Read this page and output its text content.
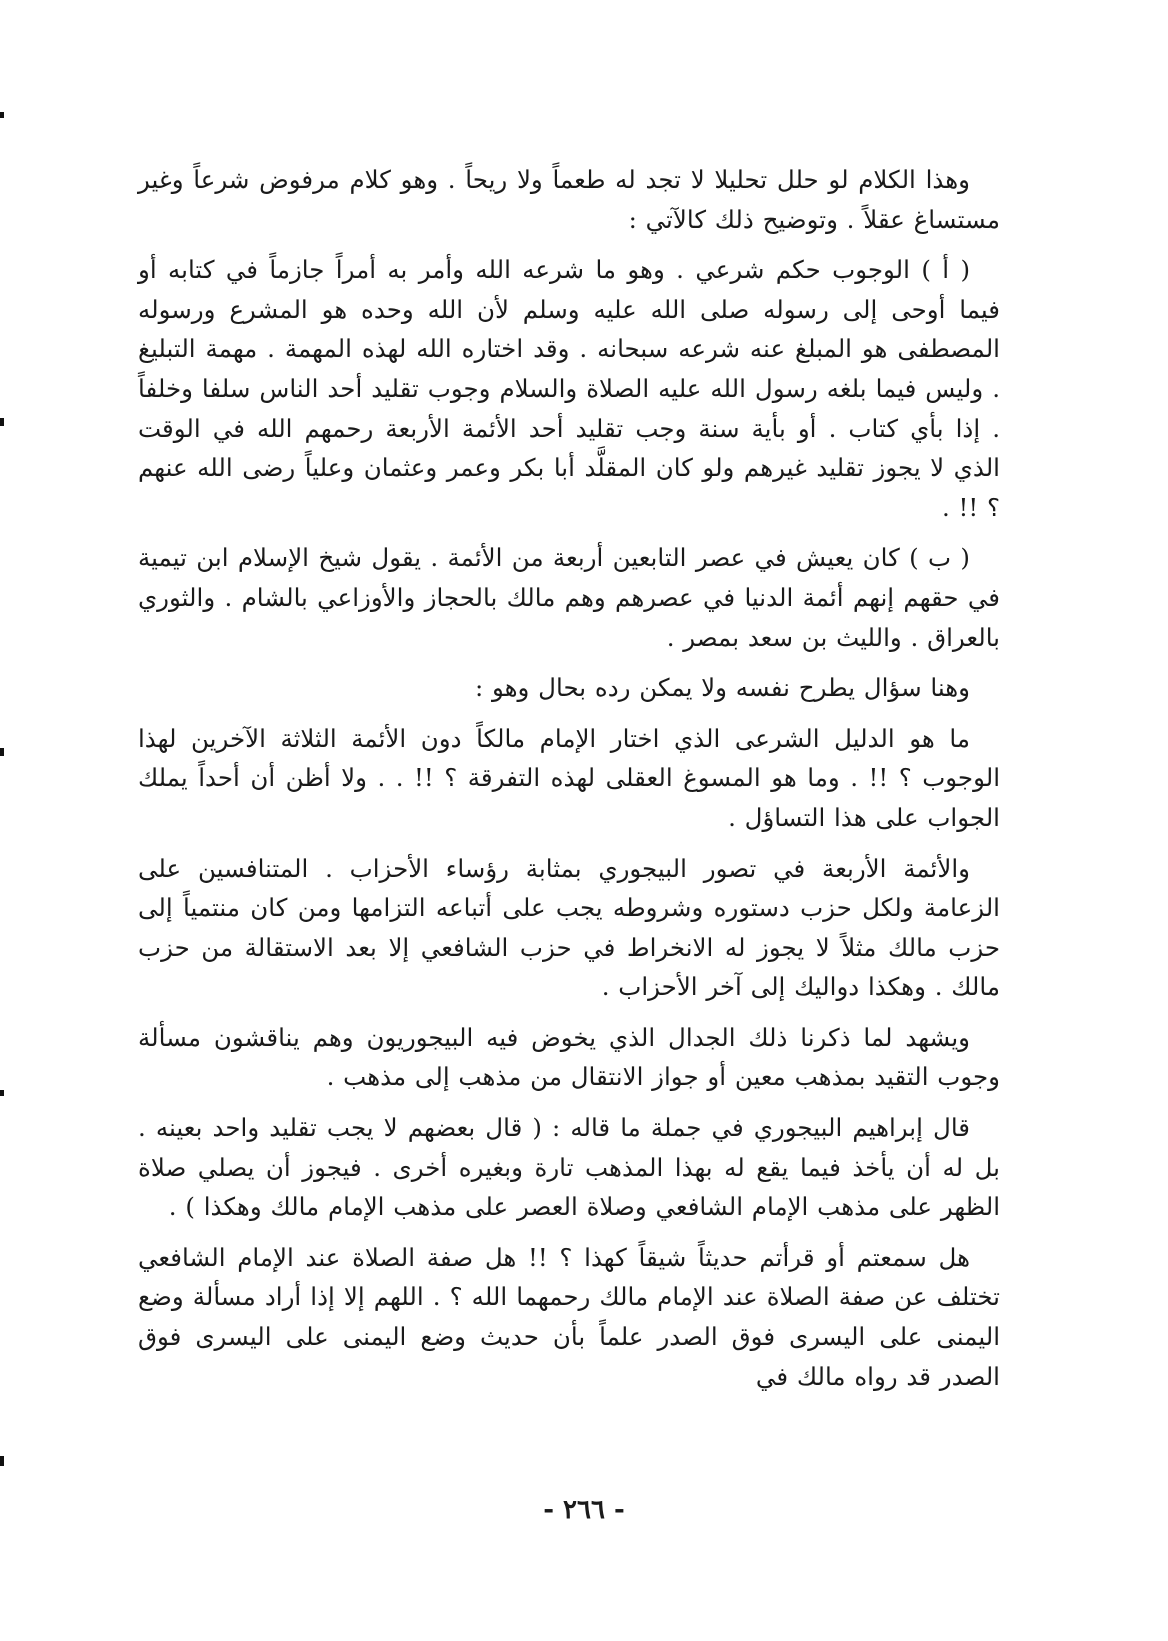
وهذا الكلام لو حلل تحليلا لا تجد له طعماً ولا ريحاً . وهو كلام مرفوض شرعاً وغير مستساغ عقلاً . وتوضيح ذلك كالآتي :

( أ ) الوجوب حكم شرعي . وهو ما شرعه الله وأمر به أمراً جازماً في كتابه أو فيما أوحى إلى رسوله صلى الله عليه وسلم لأن الله وحده هو المشرع ورسوله المصطفى هو المبلغ عنه شرعه سبحانه . وقد اختاره الله لهذه المهمة . مهمة التبليغ . وليس فيما بلغه رسول الله عليه الصلاة والسلام وجوب تقليد أحد الناس سلفا وخلفاً . إذا بأي كتاب . أو بأية سنة وجب تقليد أحد الأئمة الأربعة رحمهم الله في الوقت الذي لا يجوز تقليد غيرهم ولو كان المقلَّد أبا بكر وعمر وعثمان وعلياً رضى الله عنهم ؟ !! .

( ب ) كان يعيش في عصر التابعين أربعة من الأئمة . يقول شيخ الإسلام ابن تيمية في حقهم إنهم أئمة الدنيا في عصرهم وهم مالك بالحجاز والأوزاعي بالشام . والثوري بالعراق . والليث بن سعد بمصر .

وهنا سؤال يطرح نفسه ولا يمكن رده بحال وهو :

ما هو الدليل الشرعى الذي اختار الإمام مالكاً دون الأئمة الثلاثة الآخرين لهذا الوجوب ؟ !! . وما هو المسوغ العقلى لهذه التفرقة ؟ !! . . ولا أظن أن أحداً يملك الجواب على هذا التساؤل .

والأئمة الأربعة في تصور البيجوري بمثابة رؤساء الأحزاب . المتنافسين على الزعامة ولكل حزب دستوره وشروطه يجب على أتباعه التزامها ومن كان منتمياً إلى حزب مالك مثلاً لا يجوز له الانخراط في حزب الشافعي إلا بعد الاستقالة من حزب مالك . وهكذا دواليك إلى آخر الأحزاب .

ويشهد لما ذكرنا ذلك الجدال الذي يخوض فيه البيجوريون وهم يناقشون مسألة وجوب التقيد بمذهب معين أو جواز الانتقال من مذهب إلى مذهب .

قال إبراهيم البيجوري في جملة ما قاله : ( قال بعضهم لا يجب تقليد واحد بعينه . بل له أن يأخذ فيما يقع له بهذا المذهب تارة وبغيره أخرى . فيجوز أن يصلي صلاة الظهر على مذهب الإمام الشافعي وصلاة العصر على مذهب الإمام مالك وهكذا ) .

هل سمعتم أو قرأتم حديثاً شيقاً كهذا ؟ !! هل صفة الصلاة عند الإمام الشافعي تختلف عن صفة الصلاة عند الإمام مالك رحمهما الله ؟ . اللهم إلا إذا أراد مسألة وضع اليمنى على اليسرى فوق الصدر علماً بأن حديث وضع اليمنى على اليسرى فوق الصدر قد رواه مالك في

- ٢٦٦ -
